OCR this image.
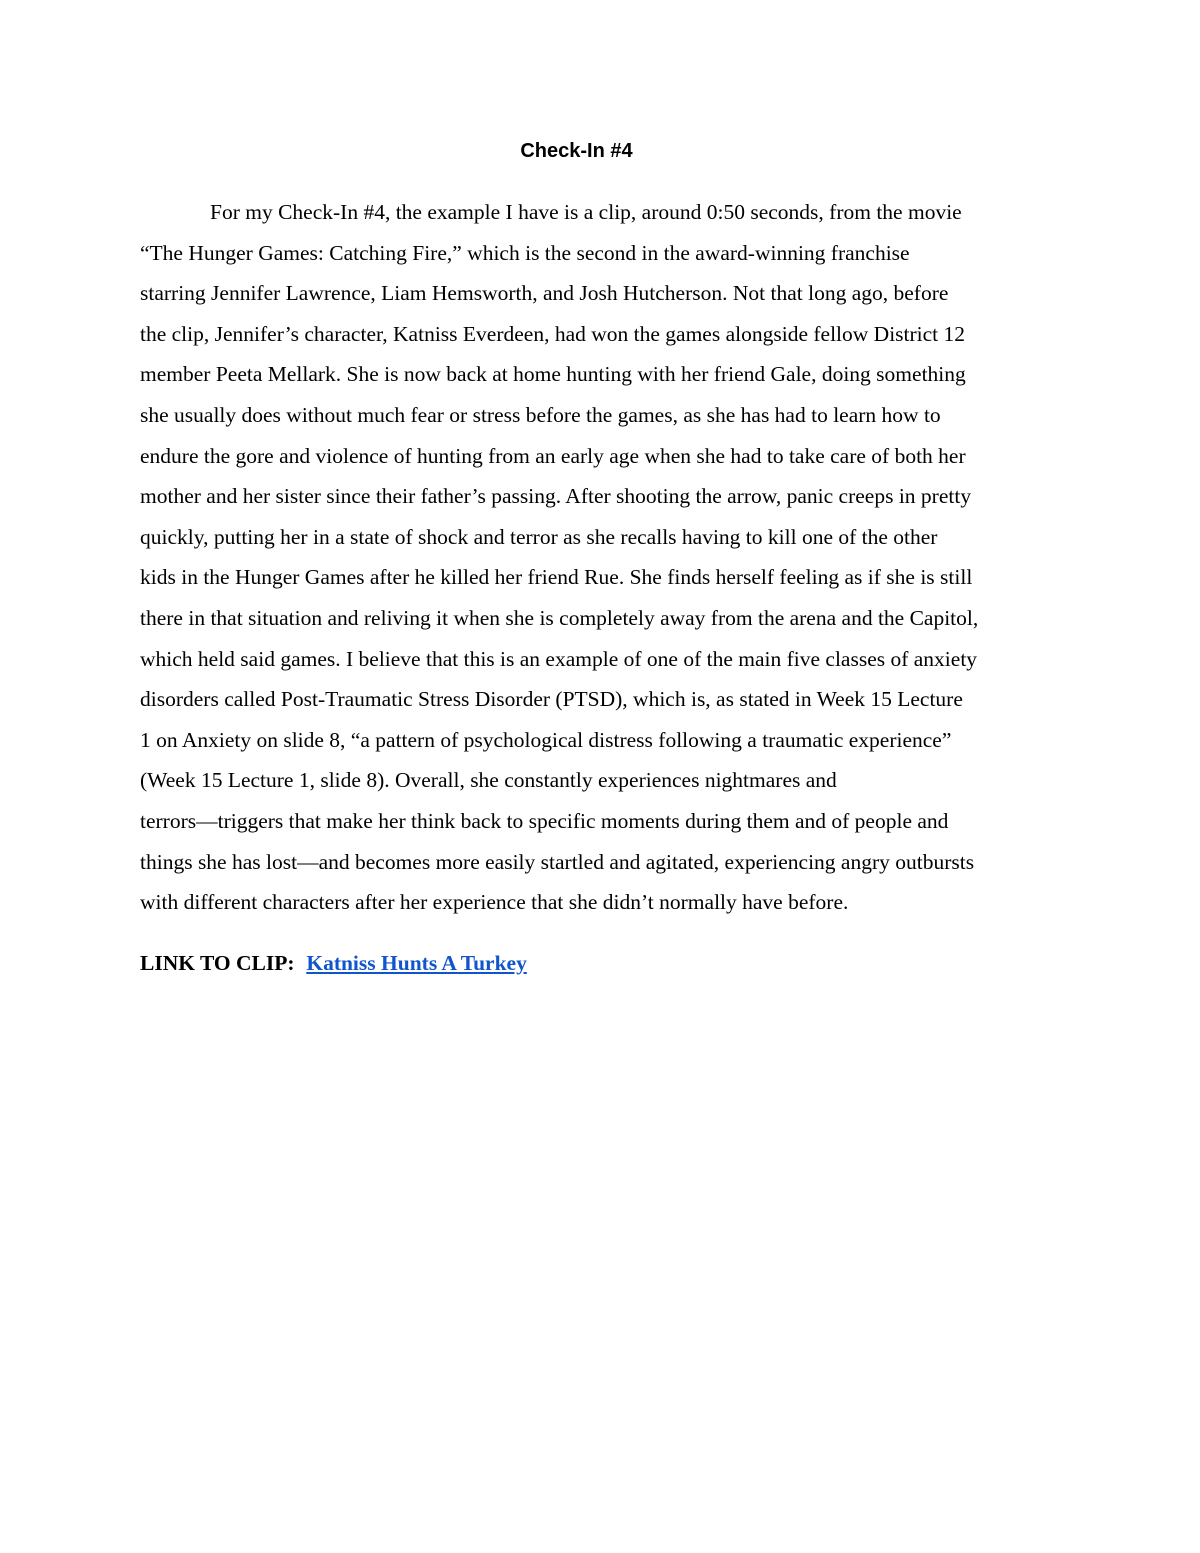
Check-In #4

For my Check-In #4, the example I have is a clip, around 0:50 seconds, from the movie
“The Hunger Games: Catching Fire,” which is the second in the award-winning franchise
starring Jennifer Lawrence, Liam Hemsworth, and Josh Hutcherson. Not that long ago, before
the clip, Jennifer’s character, Katniss Everdeen, had won the games alongside fellow District 12
member Peeta Mellark. She is now back at home hunting with her friend Gale, doing something
she usually does without much fear or stress before the games, as she has had to learn how to
endure the gore and violence of hunting from an early age when she had to take care of both her
mother and her sister since their father’s passing. After shooting the arrow, panic creeps in pretty
quickly, putting her in a state of shock and terror as she recalls having to kill one of the other
kids in the Hunger Games after he killed her friend Rue. She finds herself feeling as if she is still
there in that situation and reliving it when she is completely away from the arena and the Capitol,
which held said games. I believe that this is an example of one of the main five classes of anxiety
disorders called Post-Traumatic Stress Disorder (PTSD), which is, as stated in Week 15 Lecture
1 on Anxiety on slide 8, “a pattern of psychological distress following a traumatic experience”
(Week 15 Lecture 1, slide 8). Overall, she constantly experiences nightmares and
terrors—triggers that make her think back to specific moments during them and of people and
things she has lost—and becomes more easily startled and agitated, experiencing angry outbursts
with different characters after her experience that she didn’t normally have before.

LINK TO CLIP: Katniss Hunts A Turkey
